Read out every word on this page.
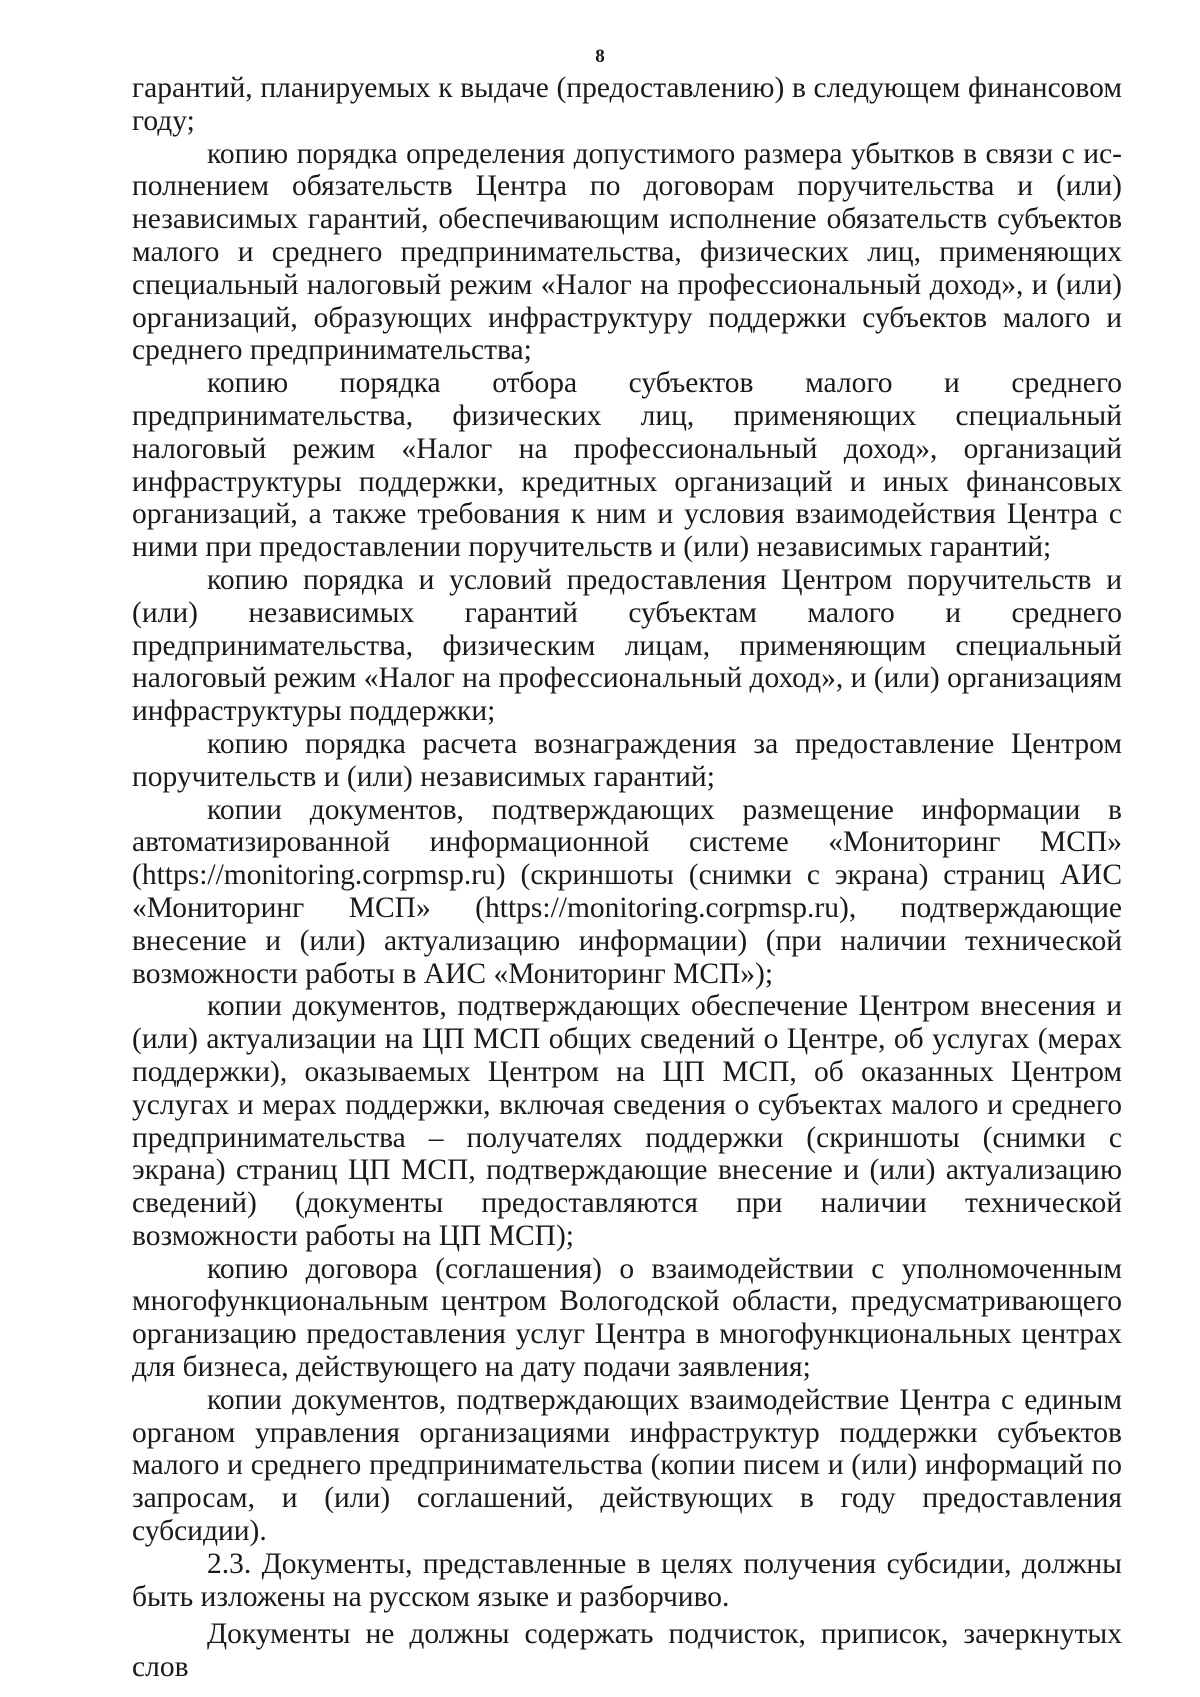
8

гарантий, планируемых к выдаче (предоставлению) в следующем финансовом году;

копию порядка определения допустимого размера убытков в связи с исполнением обязательств Центра по договорам поручительства и (или) независимых гарантий, обеспечивающим исполнение обязательств субъектов малого и среднего предпринимательства, физических лиц, применяющих специальный налоговый режим «Налог на профессиональный доход», и (или) организаций, образующих инфраструктуру поддержки субъектов малого и среднего предпринимательства;

копию порядка отбора субъектов малого и среднего предпринимательства, физических лиц, применяющих специальный налоговый режим «Налог на профессиональный доход», организаций инфраструктуры поддержки, кредитных организаций и иных финансовых организаций, а также требования к ним и условия взаимодействия Центра с ними при предоставлении поручительств и (или) независимых гарантий;

копию порядка и условий предоставления Центром поручительств и (или) независимых гарантий субъектам малого и среднего предпринимательства, физическим лицам, применяющим специальный налоговый режим «Налог на профессиональный доход», и (или) организациям инфраструктуры поддержки;

копию порядка расчета вознаграждения за предоставление Центром поручительств и (или) независимых гарантий;

копии документов, подтверждающих размещение информации в автоматизированной информационной системе «Мониторинг МСП» (https://monitoring.corpmsp.ru) (скриншоты (снимки с экрана) страниц АИС «Мониторинг МСП» (https://monitoring.corpmsp.ru), подтверждающие внесение и (или) актуализацию информации) (при наличии технической возможности работы в АИС «Мониторинг МСП»);

копии документов, подтверждающих обеспечение Центром внесения и (или) актуализации на ЦП МСП общих сведений о Центре, об услугах (мерах поддержки), оказываемых Центром на ЦП МСП, об оказанных Центром услугах и мерах поддержки, включая сведения о субъектах малого и среднего предпринимательства – получателях поддержки (скриншоты (снимки с экрана) страниц ЦП МСП, подтверждающие внесение и (или) актуализацию сведений) (документы предоставляются при наличии технической возможности работы на ЦП МСП);

копию договора (соглашения) о взаимодействии с уполномоченным многофункциональным центром Вологодской области, предусматривающего организацию предоставления услуг Центра в многофункциональных центрах для бизнеса, действующего на дату подачи заявления;

копии документов, подтверждающих взаимодействие Центра с единым органом управления организациями инфраструктур поддержки субъектов малого и среднего предпринимательства (копии писем и (или) информаций по запросам, и (или) соглашений, действующих в году предоставления субсидии).

2.3. Документы, представленные в целях получения субсидии, должны быть изложены на русском языке и разборчиво.

Документы не должны содержать подчисток, приписок, зачеркнутых слов
